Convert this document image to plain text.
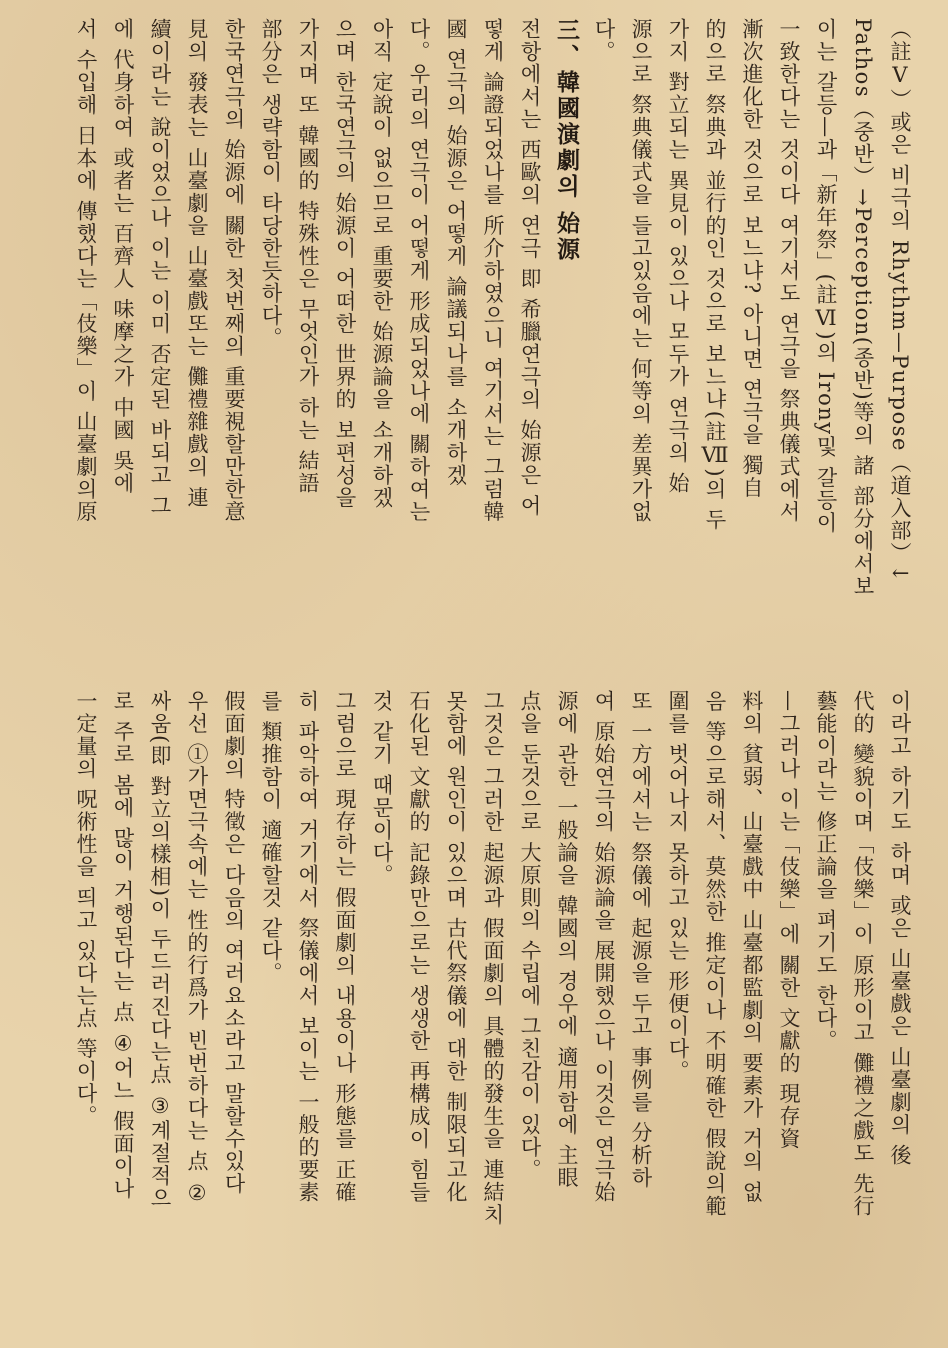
（註Ⅴ）或은 비극의 Rhythm—Purpose（道入部）↓
Pathos（중반）→Perception(종반)等의 諸 部分에서보
이는 갈등—과「新年祭」(註Ⅵ)의 Irony및 갈등이
一致한다는 것이다 여기서도 연극을 祭典儀式에서
漸次進化한 것으로 보느냐? 아니면 연극을 獨自
的으로 祭典과 並行的인 것으로 보느냐(註Ⅶ)의 두
가지 對立되는 異見이 있으나 모두가 연극의 始
源으로 祭典儀式을 들고있음에는 何等의 差異가없
다。
三、韓國演劇의 始源
전항에서는 西歐의 연극 即 希臘연극의 始源은 어
떻게 論證되었나를 所介하였으니 여기서는 그럼韓
國 연극의 始源은 어떻게 論議되나를 소개하겠
다。우리의 연극이 어떻게 形成되었나에 關하여는
아직 定說이 없으므로 重要한 始源論을 소개하겠
으며 한국연극의 始源이 어떠한 世界的 보편성을
가지며 또 韓國的 特殊性은 무엇인가 하는 結語
部分은 생략함이 타당한듯하다。
한국연극의 始源에 關한 첫번째의 重要視할만한意
見의 發表는 山臺劇을 山臺戲또는 儺禮雜戲의 連
續이라는 說이었으나 이는 이미 否定된 바되고 그
에 代身하여 或者는 百齊人 味摩之가 中國 吳에
서 수입해 日本에 傳했다는「伎樂」이 山臺劇의原
이라고 하기도 하며 或은 山臺戲은 山臺劇의 後
代的 變貌이며「伎樂」이 原形이고 儺禮之戲도 先行
藝能이라는 修正論을 펴기도 한다。
—그러나 이는「伎樂」에 關한 文獻的 現存資
料의 貧弱、山臺戲中 山臺都監劇의 要素가 거의 없
음 等으로해서、莫然한 推定이나 不明確한 假說의範
圍를 벗어나지 못하고 있는 形便이다。
또 一方에서는 祭儀에 起源을 두고 事例를 分析하
여 原始연극의 始源論을 展開했으나 이것은 연극始
源에 관한 一般論을 韓國의 경우에 適用함에 主眼
点을 둔것으로 大原則의 수립에 그친감이 있다。
그것은 그러한 起源과 假面劇의 具體的發生을 連結치
못함에 원인이 있으며 古代祭儀에 대한 制限되고化
石化된 文獻的 記錄만으로는 생생한 再構成이 힘들
것 같기 때문이다。
그럼으로 現存하는 假面劇의 내용이나 形態를 正確
히 파악하여 거기에서 祭儀에서 보이는 一般的要素
를 類推함이 適確할것 같다。
假面劇의 特徵은 다음의 여러요소라고 말할수있다
우선 ①가면극속에는 性的行爲가 빈번하다는 点 ②
싸움(即 對立의樣相)이 두드러진다는点 ③계절적으
로 주로 봄에 많이 거행된다는 点 ④어느 假面이나
一定量의 呪術性을 띄고 있다는点 等이다。
